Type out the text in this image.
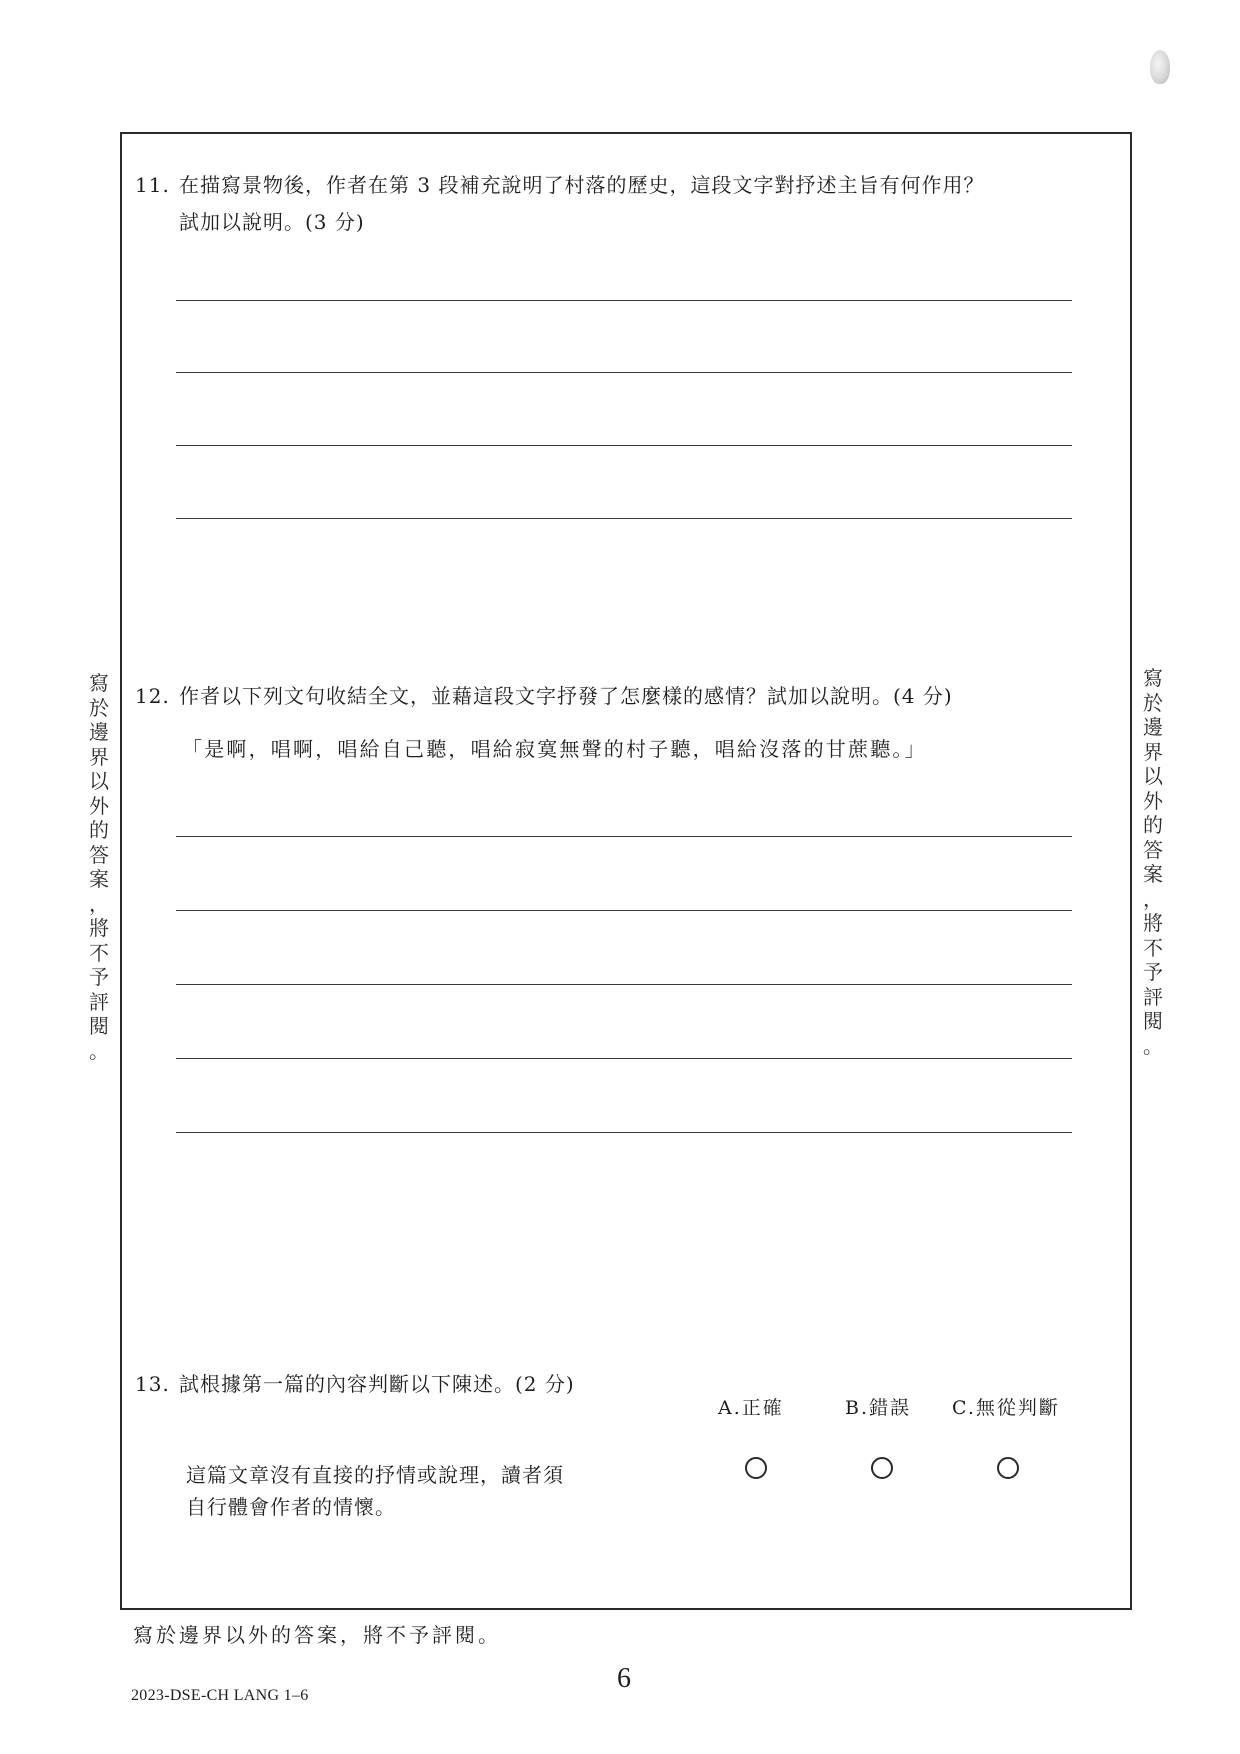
11. 在描寫景物後，作者在第 3 段補充說明了村落的歷史，這段文字對抒述主旨有何作用？
試加以說明。(3 分)
12. 作者以下列文句收結全文，並藉這段文字抒發了怎麼樣的感情？試加以說明。(4 分)
「是啊，唱啊，唱給自己聽，唱給寂寞無聲的村子聽，唱給沒落的甘蔗聽。」
13. 試根據第一篇的內容判斷以下陳述。(2 分)
A.正確	B.錯誤 C.無從判斷
這篇文章沒有直接的抒情或說理，讀者須
自行體會作者的情懷。
寫
於
邊
界
以
外
的
答
案
，
將
不
予
評
閱
。
寫
於
邊
界
以
外
的
答
案
，
將
不
予
評
閱
。
寫於邊界以外的答案，將不予評閱。
2023-DSE-CH LANG 1–6
6
